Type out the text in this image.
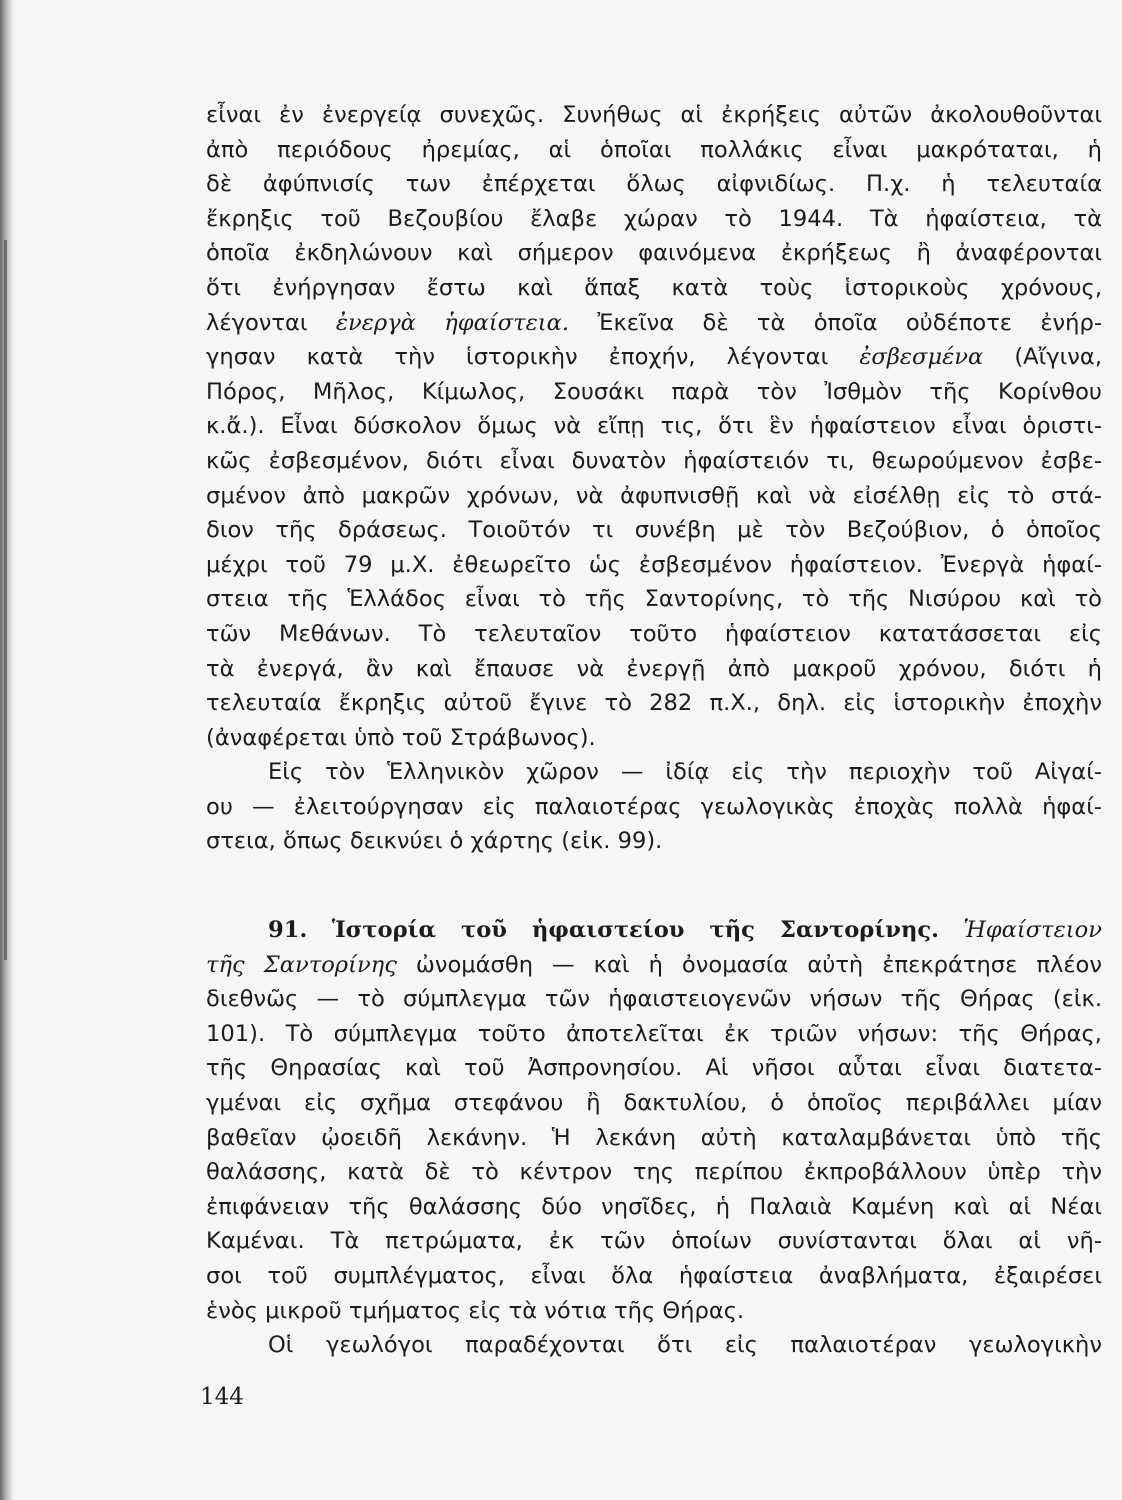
εἶναι ἐν ἐνεργείᾳ συνεχῶς. Συνήθως αἱ ἐκρήξεις αὐτῶν ἀκολουθοῦνται
ἀπὸ περιόδους ἠρεμίας, αἱ ὁποῖαι πολλάκις εἶναι μακρόταται, ἡ
δὲ ἀφύπνισίς των ἐπέρχεται ὅλως αἰφνιδίως. Π.χ. ἡ τελευταία
ἔκρηξις τοῦ Βεζουβίου ἔλαβε χώραν τὸ 1944. Τὰ ἡφαίστεια, τὰ
ὁποῖα ἐκδηλώνουν καὶ σήμερον φαινόμενα ἐκρήξεως ἢ ἀναφέρονται
ὅτι ἐνήργησαν ἔστω καὶ ἅπαξ κατὰ τοὺς ἱστορικοὺς χρόνους,
λέγονται ἐνεργὰ ἡφαίστεια. Ἐκεῖνα δὲ τὰ ὁποῖα οὐδέποτε ἐνήρ-
γησαν κατὰ τὴν ἱστορικὴν ἐποχήν, λέγονται ἐσβεσμένα (Αἴγινα,
Πόρος, Μῆλος, Κίμωλος, Σουσάκι παρὰ τὸν Ἰσθμὸν τῆς Κορίνθου
κ.ἄ.). Εἶναι δύσκολον ὅμως νὰ εἴπῃ τις, ὅτι ἓν ἡφαίστειον εἶναι ὁριστι-
κῶς ἐσβεσμένον, διότι εἶναι δυνατὸν ἡφαίστειόν τι, θεωρούμενον ἐσβε-
σμένον ἀπὸ μακρῶν χρόνων, νὰ ἀφυπνισθῇ καὶ νὰ εἰσέλθῃ εἰς τὸ στά-
διον τῆς δράσεως. Τοιοῦτόν τι συνέβη μὲ τὸν Βεζούβιον, ὁ ὁποῖος
μέχρι τοῦ 79 μ.Χ. ἐθεωρεῖτο ὡς ἐσβεσμένον ἡφαίστειον. Ἐνεργὰ ἡφαί-
στεια τῆς Ἑλλάδος εἶναι τὸ τῆς Σαντορίνης, τὸ τῆς Νισύρου καὶ τὸ
τῶν Μεθάνων. Τὸ τελευταῖον τοῦτο ἡφαίστειον κατατάσσεται εἰς
τὰ ἐνεργά, ἂν καὶ ἔπαυσε νὰ ἐνεργῇ ἀπὸ μακροῦ χρόνου, διότι ἡ
τελευταία ἔκρηξις αὐτοῦ ἔγινε τὸ 282 π.Χ., δηλ. εἰς ἱστορικὴν ἐποχὴν
(ἀναφέρεται ὑπὸ τοῦ Στράβωνος).
Εἰς τὸν Ἑλληνικὸν χῶρον — ἰδίᾳ εἰς τὴν περιοχὴν τοῦ Αἰγαί-
ου — ἐλειτούργησαν εἰς παλαιοτέρας γεωλογικὰς ἐποχὰς πολλὰ ἡφαί-
στεια, ὅπως δεικνύει ὁ χάρτης (εἰκ. 99).
91. Ἱστορία τοῦ ἡφαιστείου τῆς Σαντορίνης. Ἡφαίστειον
τῆς Σαντορίνης ὠνομάσθη — καὶ ἡ ὀνομασία αὐτὴ ἐπεκράτησε πλέον
διεθνῶς — τὸ σύμπλεγμα τῶν ἡφαιστειογενῶν νήσων τῆς Θήρας (εἰκ.
101). Τὸ σύμπλεγμα τοῦτο ἀποτελεῖται ἐκ τριῶν νήσων: τῆς Θήρας,
τῆς Θηρασίας καὶ τοῦ Ἀσπρονησίου. Αἱ νῆσοι αὗται εἶναι διατετα-
γμέναι εἰς σχῆμα στεφάνου ἢ δακτυλίου, ὁ ὁποῖος περιβάλλει μίαν
βαθεῖαν ᾠοειδῆ λεκάνην. Ἡ λεκάνη αὐτὴ καταλαμβάνεται ὑπὸ τῆς
θαλάσσης, κατὰ δὲ τὸ κέντρον της περίπου ἐκπροβάλλουν ὑπὲρ τὴν
ἐπιφάνειαν τῆς θαλάσσης δύο νησῖδες, ἡ Παλαιὰ Καμένη καὶ αἱ Νέαι
Καμέναι. Τὰ πετρώματα, ἐκ τῶν ὁποίων συνίστανται ὅλαι αἱ νῆ-
σοι τοῦ συμπλέγματος, εἶναι ὅλα ἡφαίστεια ἀναβλήματα, ἐξαιρέσει
ἑνὸς μικροῦ τμήματος εἰς τὰ νότια τῆς Θήρας.
Οἱ γεωλόγοι παραδέχονται ὅτι εἰς παλαιοτέραν γεωλογικὴν
144
